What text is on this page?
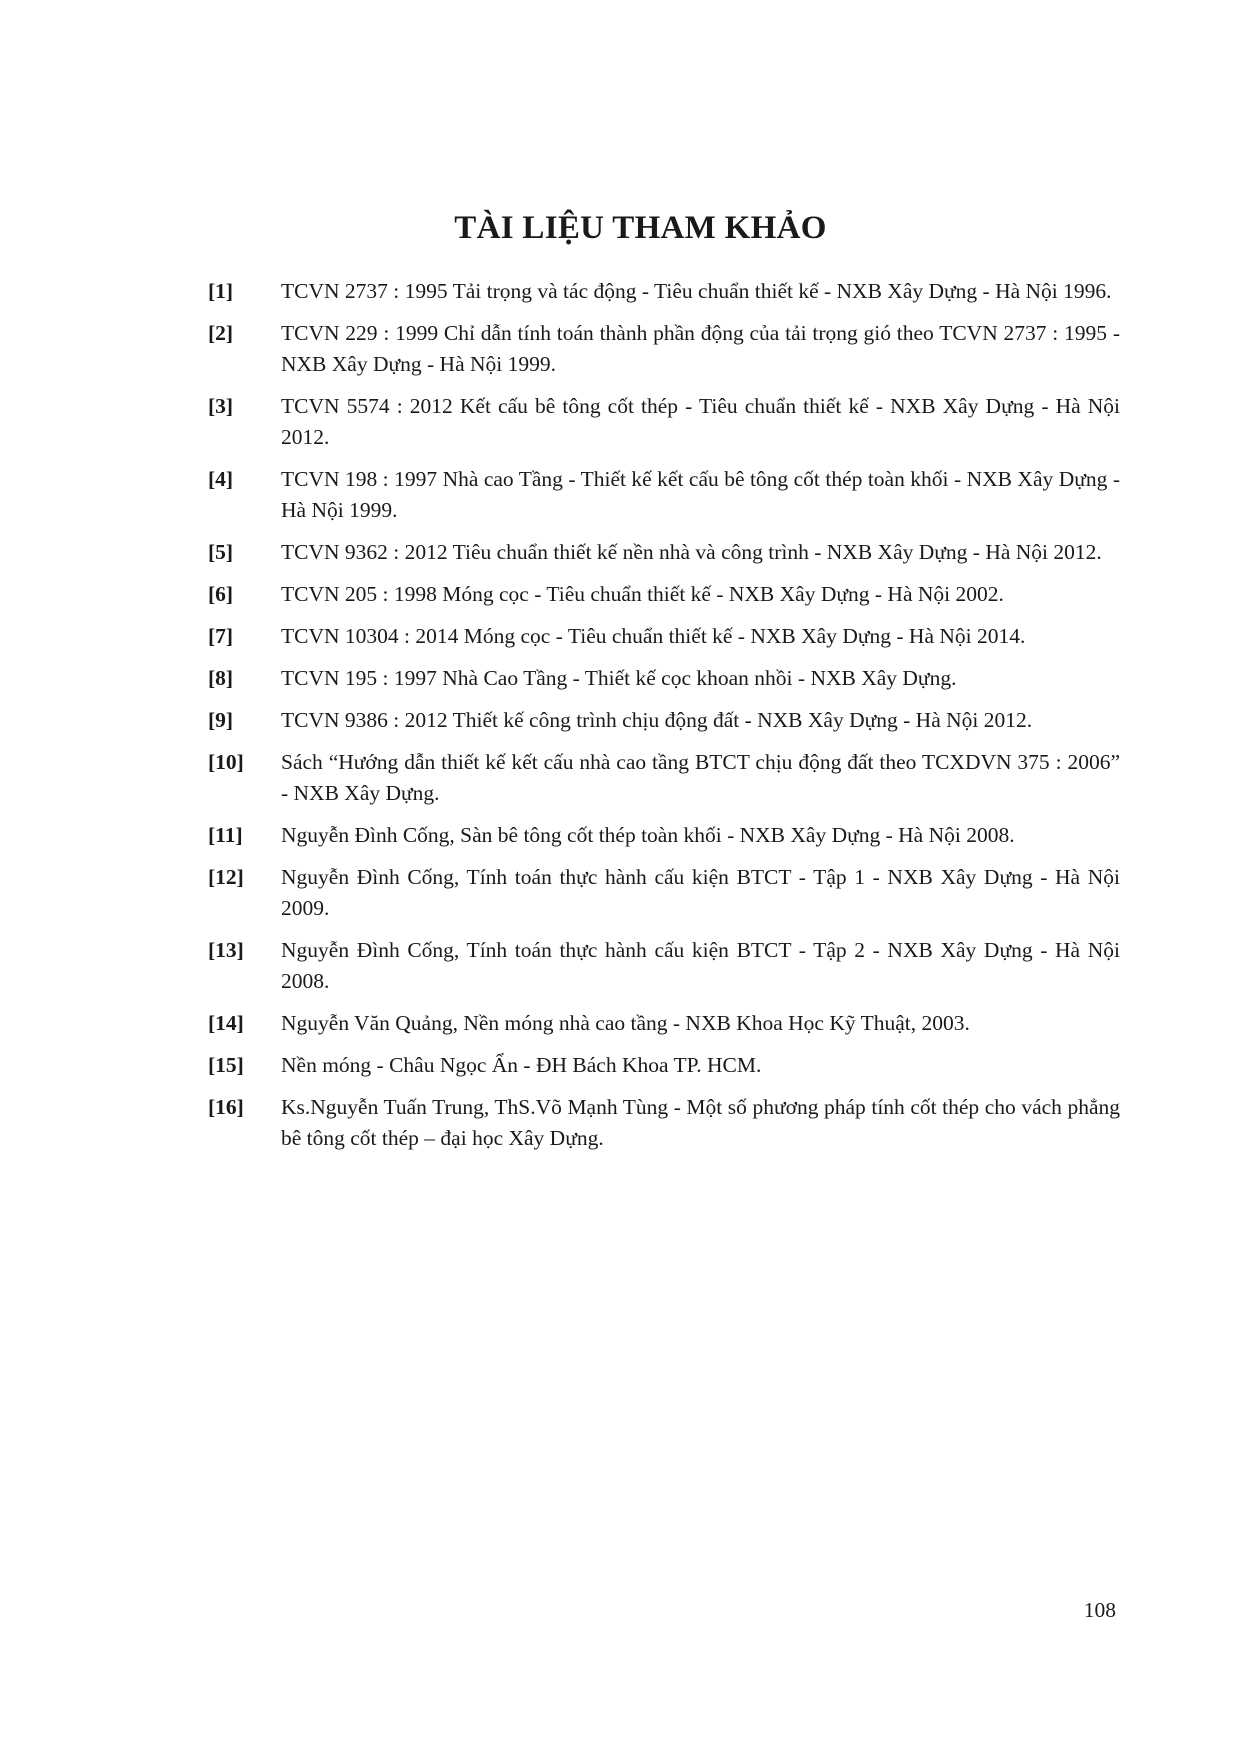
TÀI LIỆU THAM KHẢO
[1]	TCVN 2737 : 1995 Tải trọng và tác động - Tiêu chuẩn thiết kế - NXB Xây Dựng - Hà Nội 1996.
[2]	TCVN 229 : 1999 Chỉ dẫn tính toán thành phần động của tải trọng gió theo TCVN 2737 : 1995 - NXB Xây Dựng - Hà Nội 1999.
[3]	TCVN 5574 : 2012 Kết cấu bê tông cốt thép - Tiêu chuẩn thiết kế - NXB Xây Dựng - Hà Nội 2012.
[4]	TCVN 198 : 1997 Nhà cao Tầng - Thiết kế kết cấu bê tông cốt thép toàn khối - NXB Xây Dựng - Hà Nội 1999.
[5]	TCVN 9362 : 2012 Tiêu chuẩn thiết kế nền nhà và công trình - NXB Xây Dựng - Hà Nội 2012.
[6]	TCVN 205 : 1998 Móng cọc - Tiêu chuẩn thiết kế - NXB Xây Dựng - Hà Nội 2002.
[7]	TCVN 10304 : 2014 Móng cọc - Tiêu chuẩn thiết kế - NXB Xây Dựng - Hà Nội 2014.
[8]	TCVN 195 : 1997 Nhà Cao Tầng - Thiết kế cọc khoan nhồi - NXB Xây Dựng.
[9]	TCVN 9386 : 2012 Thiết kế công trình chịu động đất - NXB Xây Dựng - Hà Nội 2012.
[10]	Sách “Hướng dẫn thiết kế kết cấu nhà cao tầng BTCT chịu động đất theo TCXDVN 375 : 2006” - NXB Xây Dựng.
[11]	Nguyễn Đình Cống, Sàn bê tông cốt thép toàn khối - NXB Xây Dựng - Hà Nội 2008.
[12]	Nguyễn Đình Cống, Tính toán thực hành cấu kiện BTCT - Tập 1 - NXB Xây Dựng - Hà Nội 2009.
[13]	Nguyễn Đình Cống, Tính toán thực hành cấu kiện BTCT - Tập 2 - NXB Xây Dựng - Hà Nội 2008.
[14]	Nguyễn Văn Quảng, Nền móng nhà cao tầng - NXB Khoa Học Kỹ Thuật, 2003.
[15]	Nền móng - Châu Ngọc Ẩn - ĐH Bách Khoa TP. HCM.
[16]	Ks.Nguyễn Tuấn Trung, ThS.Võ Mạnh Tùng - Một số phương pháp tính cốt thép cho vách phẳng bê tông cốt thép – đại học Xây Dựng.
108
